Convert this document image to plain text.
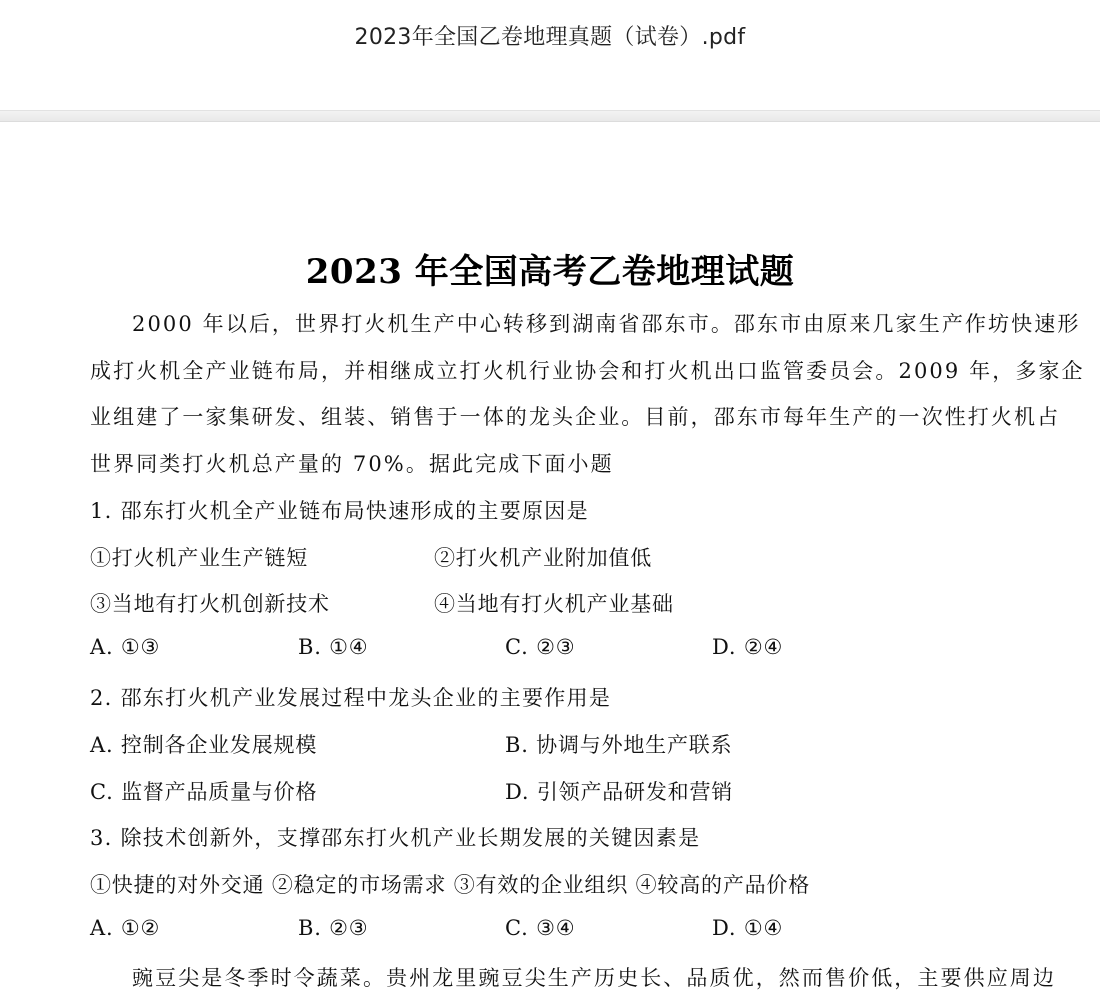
2023年全国乙卷地理真题（试卷）.pdf
2023 年全国高考乙卷地理试题
2000 年以后，世界打火机生产中心转移到湖南省邵东市。邵东市由原来几家生产作坊快速形
成打火机全产业链布局，并相继成立打火机行业协会和打火机出口监管委员会。2009 年，多家企
业组建了一家集研发、组装、销售于一体的龙头企业。目前，邵东市每年生产的一次性打火机占
世界同类打火机总产量的 70%。据此完成下面小题
1. 邵东打火机全产业链布局快速形成的主要原因是
①打火机产业生产链短	②打火机产业附加值低
③当地有打火机创新技术	④当地有打火机产业基础
A. ①③	B. ①④	C. ②③	D. ②④
2. 邵东打火机产业发展过程中龙头企业的主要作用是
A. 控制各企业发展规模	B. 协调与外地生产联系
C. 监督产品质量与价格	D. 引领产品研发和营销
3. 除技术创新外，支撑邵东打火机产业长期发展的关键因素是
①快捷的对外交通 ②稳定的市场需求 ③有效的企业组织 ④较高的产品价格
A. ①②	B. ②③	C. ③④	D. ①④
豌豆尖是冬季时令蔬菜。贵州龙里豌豆尖生产历史长、品质优，然而售价低，主要供应周边
